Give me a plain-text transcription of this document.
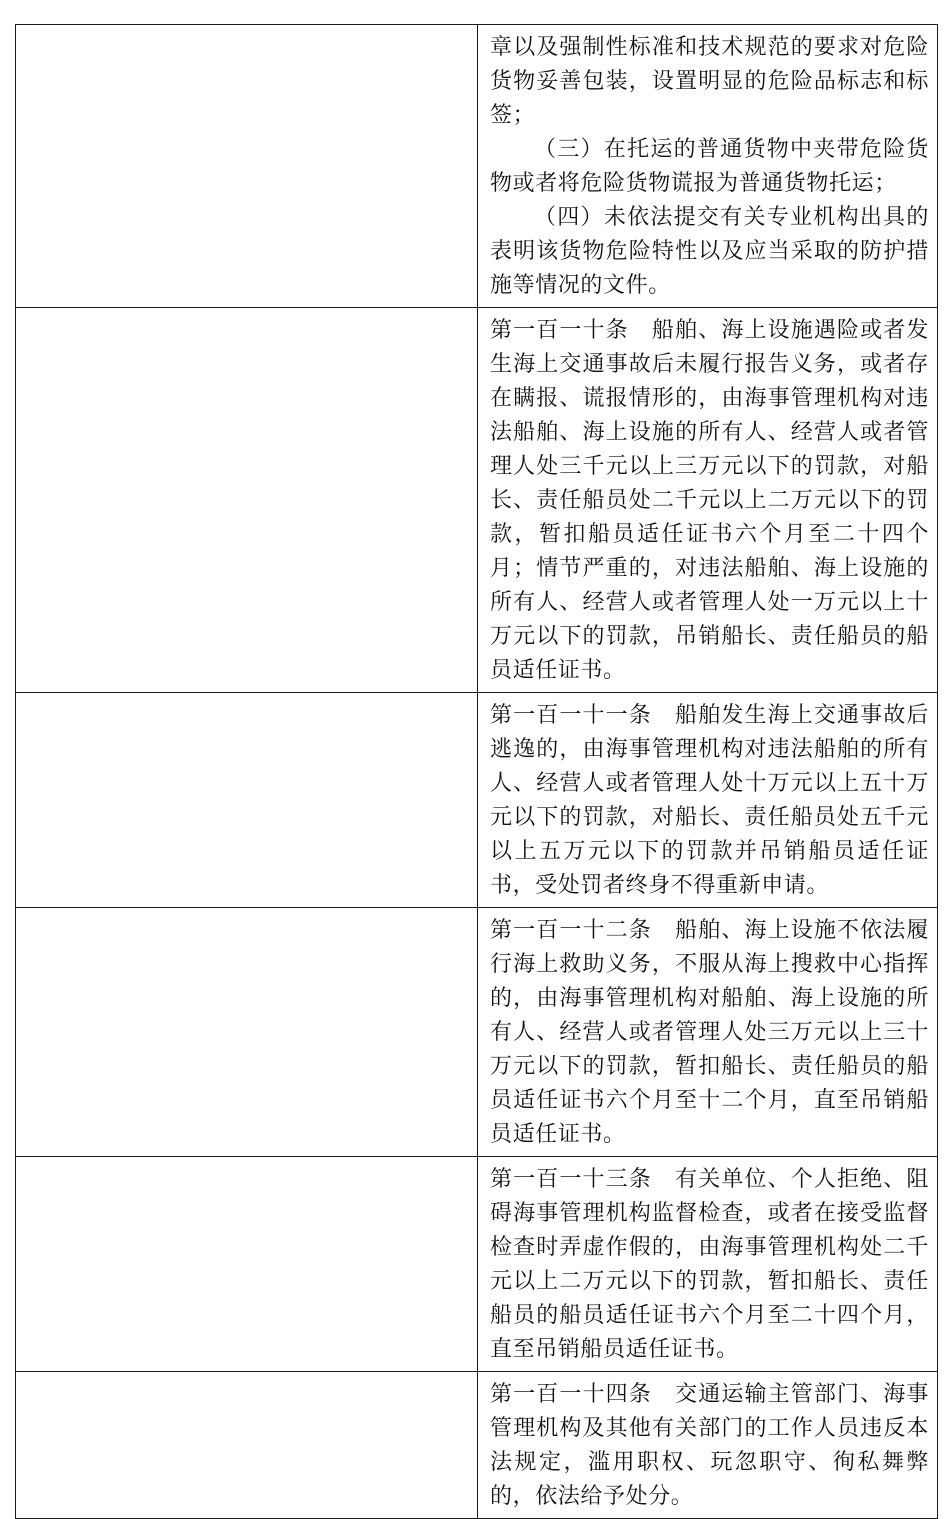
	章以及强制性标准和技术规范的要求对危险货物妥善包装，设置明显的危险品标志和标签；

（三）在托运的普通货物中夹带危险货物或者将危险货物谎报为普通货物托运；

（四）未依法提交有关专业机构出具的表明该货物危险特性以及应当采取的防护措施等情况的文件。

	第一百一十条　船舶、海上设施遇险或者发生海上交通事故后未履行报告义务，或者存在瞒报、谎报情形的，由海事管理机构对违法船舶、海上设施的所有人、经营人或者管理人处三千元以上三万元以下的罚款，对船长、责任船员处二千元以上二万元以下的罚款，暂扣船员适任证书六个月至二十四个月；情节严重的，对违法船舶、海上设施的所有人、经营人或者管理人处一万元以上十万元以下的罚款，吊销船长、责任船员的船员适任证书。

	第一百一十一条　船舶发生海上交通事故后逃逸的，由海事管理机构对违法船舶的所有人、经营人或者管理人处十万元以上五十万元以下的罚款，对船长、责任船员处五千元以上五万元以下的罚款并吊销船员适任证书，受处罚者终身不得重新申请。

	第一百一十二条　船舶、海上设施不依法履行海上救助义务，不服从海上搜救中心指挥的，由海事管理机构对船舶、海上设施的所有人、经营人或者管理人处三万元以上三十万元以下的罚款，暂扣船长、责任船员的船员适任证书六个月至十二个月，直至吊销船员适任证书。

	第一百一十三条　有关单位、个人拒绝、阻碍海事管理机构监督检查，或者在接受监督检查时弄虚作假的，由海事管理机构处二千元以上二万元以下的罚款，暂扣船长、责任船员的船员适任证书六个月至二十四个月，直至吊销船员适任证书。

	第一百一十四条　交通运输主管部门、海事管理机构及其他有关部门的工作人员违反本法规定，滥用职权、玩忽职守、徇私舞弊的，依法给予处分。
